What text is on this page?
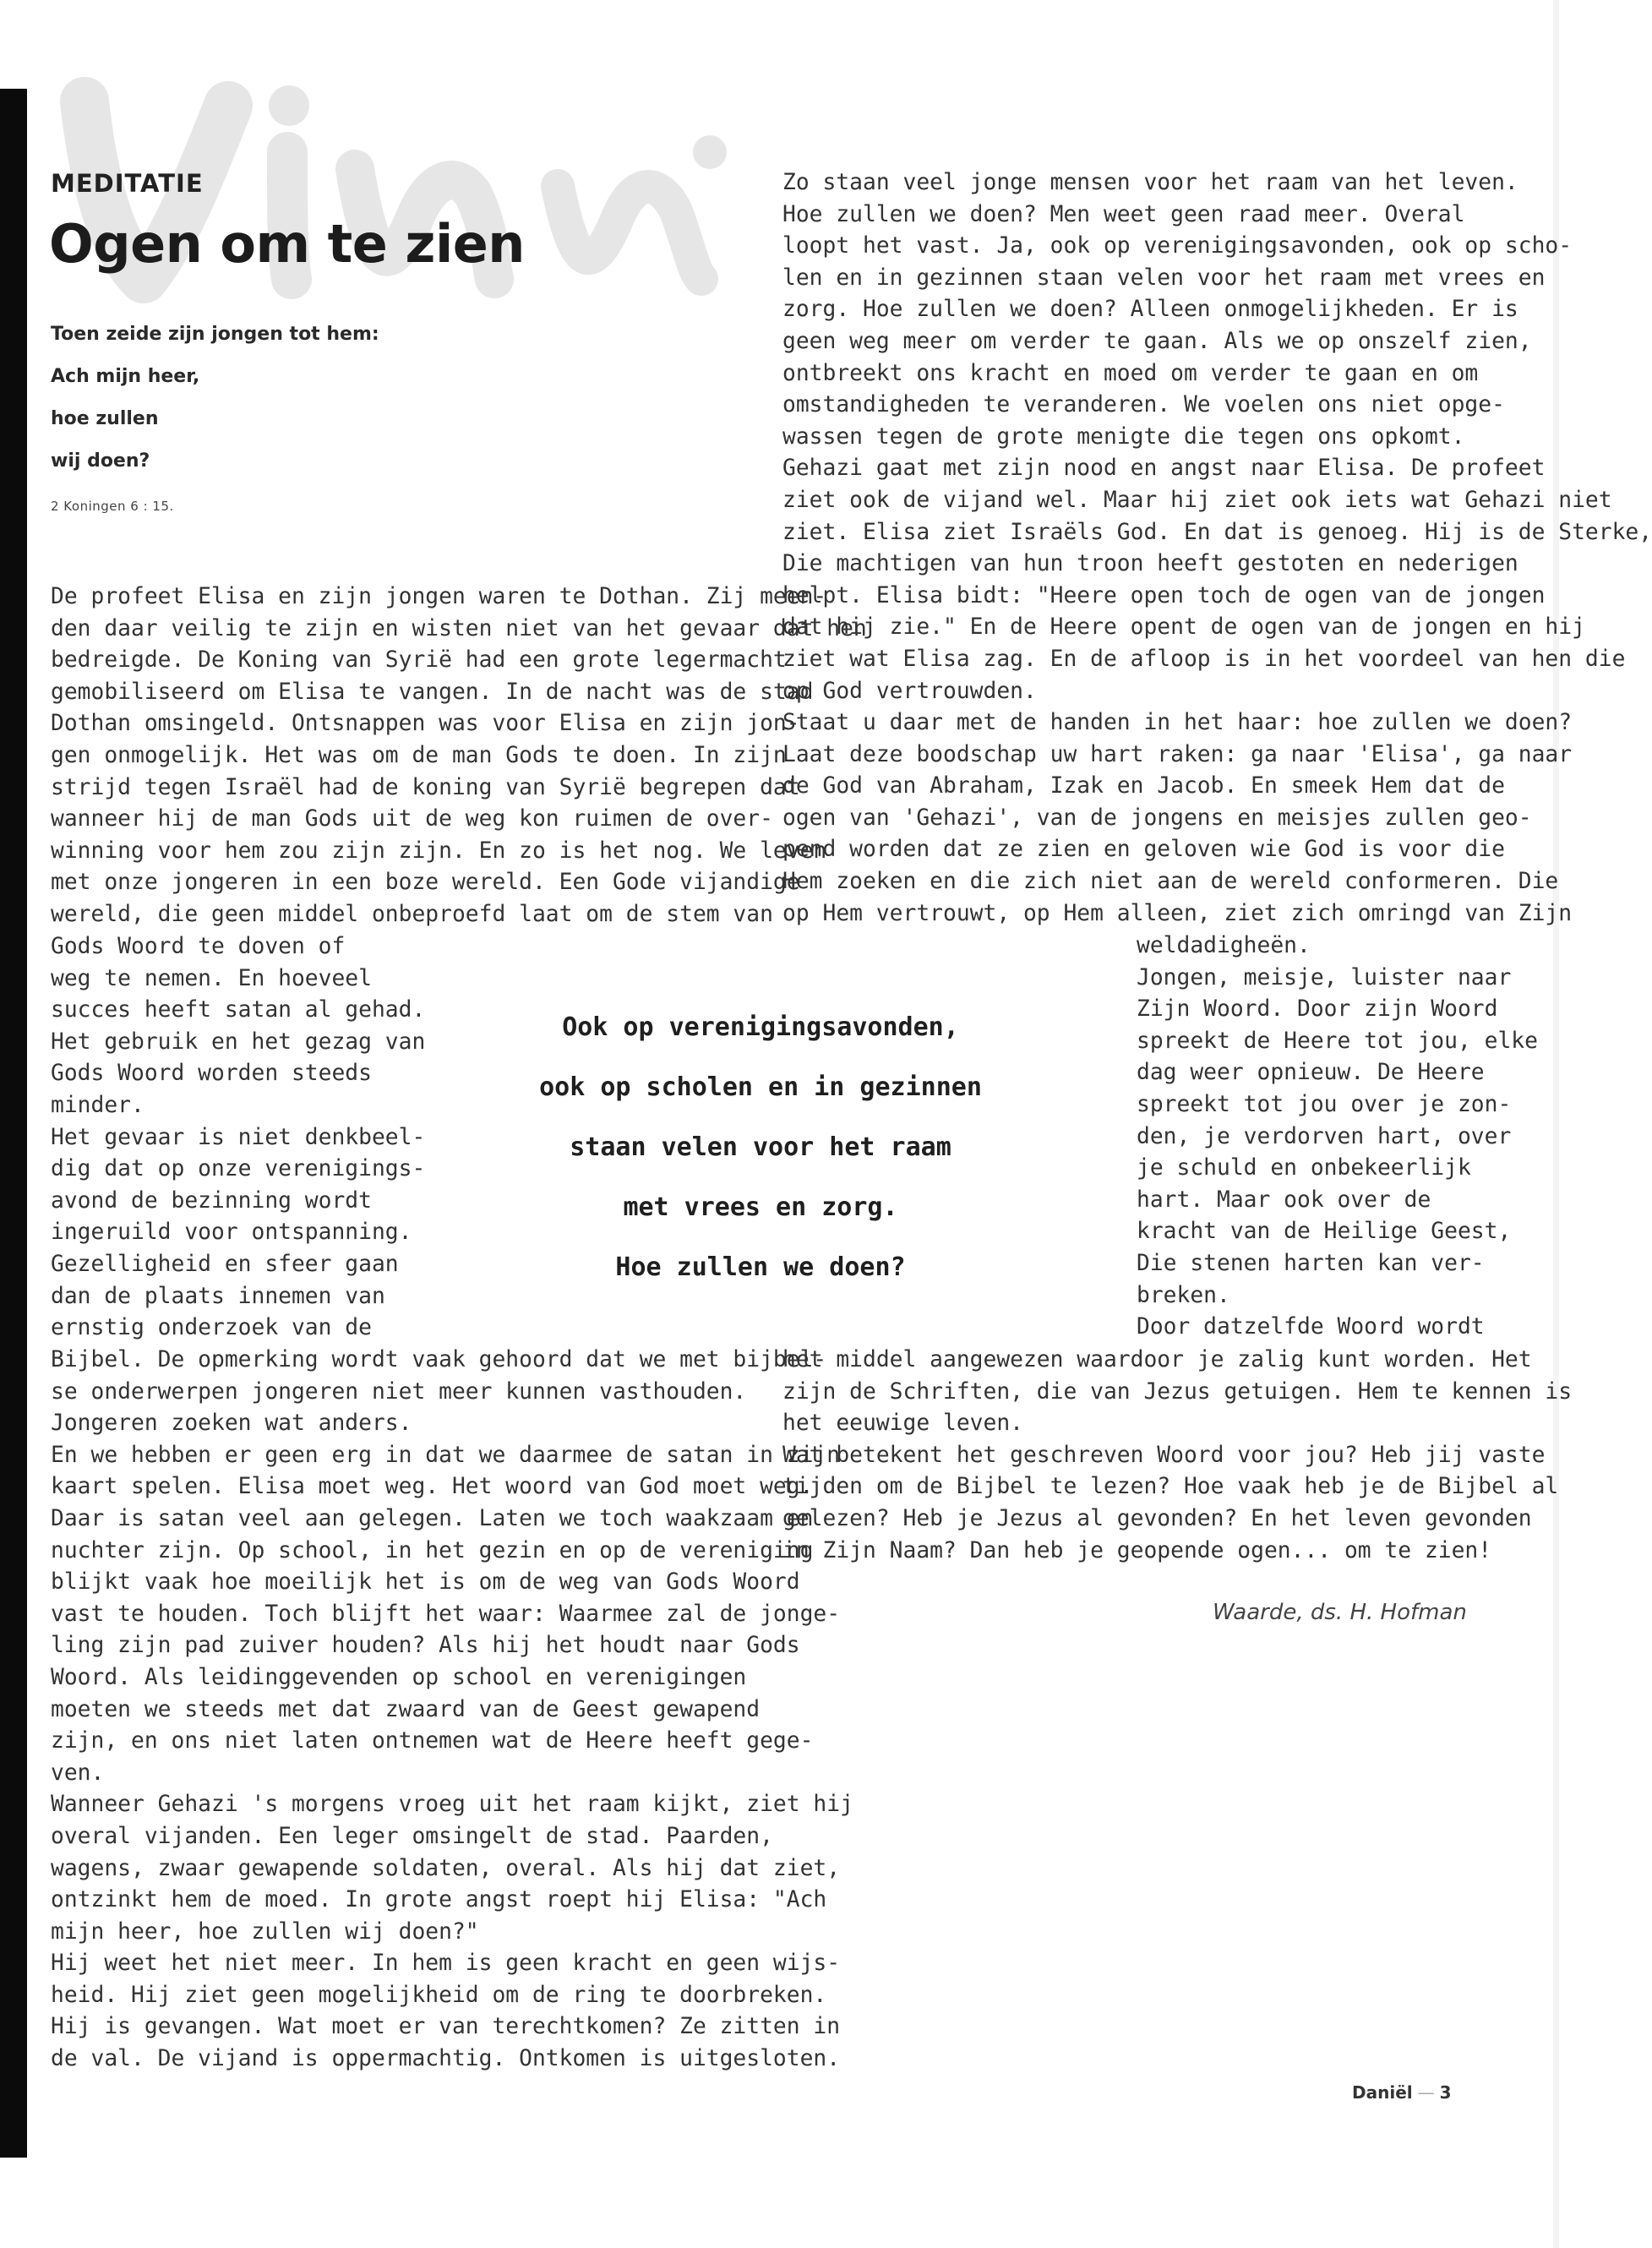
MEDITATIE
Ogen om te zien
Toen zeide zijn jongen tot hem:
Ach mijn heer,
hoe zullen
wij doen?
2 Koningen 6 : 15.
De profeet Elisa en zijn jongen waren te Dothan. Zij meen-
den daar veilig te zijn en wisten niet van het gevaar dat hen
bedreigde. De Koning van Syrië had een grote legermacht
gemobiliseerd om Elisa te vangen. In de nacht was de stad
Dothan omsingeld. Ontsnappen was voor Elisa en zijn jon-
gen onmogelijk. Het was om de man Gods te doen. In zijn
strijd tegen Israël had de koning van Syrië begrepen dat
wanneer hij de man Gods uit de weg kon ruimen de over-
winning voor hem zou zijn zijn. En zo is het nog. We leven
met onze jongeren in een boze wereld. Een Gode vijandige
wereld, die geen middel onbeproefd laat om de stem van
Gods Woord te doven of
weg te nemen. En hoeveel
succes heeft satan al gehad.
Het gebruik en het gezag van
Gods Woord worden steeds
minder.
Het gevaar is niet denkbeel-
dig dat op onze verenigings-
avond de bezinning wordt
ingeruild voor ontspanning.
Gezelligheid en sfeer gaan
dan de plaats innemen van
ernstig onderzoek van de
Bijbel. De opmerking wordt vaak gehoord dat we met bijbel-
se onderwerpen jongeren niet meer kunnen vasthouden.
Jongeren zoeken wat anders.
En we hebben er geen erg in dat we daarmee de satan in zijn
kaart spelen. Elisa moet weg. Het woord van God moet weg.
Daar is satan veel aan gelegen. Laten we toch waakzaam en
nuchter zijn. Op school, in het gezin en op de vereniging
blijkt vaak hoe moeilijk het is om de weg van Gods Woord
vast te houden. Toch blijft het waar: Waarmee zal de jonge-
ling zijn pad zuiver houden? Als hij het houdt naar Gods
Woord. Als leidinggevenden op school en verenigingen
moeten we steeds met dat zwaard van de Geest gewapend
zijn, en ons niet laten ontnemen wat de Heere heeft gege-
ven.
Wanneer Gehazi 's morgens vroeg uit het raam kijkt, ziet hij
overal vijanden. Een leger omsingelt de stad. Paarden,
wagens, zwaar gewapende soldaten, overal. Als hij dat ziet,
ontzinkt hem de moed. In grote angst roept hij Elisa: "Ach
mijn heer, hoe zullen wij doen?"
Hij weet het niet meer. In hem is geen kracht en geen wijs-
heid. Hij ziet geen mogelijkheid om de ring te doorbreken.
Hij is gevangen. Wat moet er van terechtkomen? Ze zitten in
de val. De vijand is oppermachtig. Ontkomen is uitgesloten.
Zo staan veel jonge mensen voor het raam van het leven.
Hoe zullen we doen? Men weet geen raad meer. Overal
loopt het vast. Ja, ook op verenigingsavonden, ook op scho-
len en in gezinnen staan velen voor het raam met vrees en
zorg. Hoe zullen we doen? Alleen onmogelijkheden. Er is
geen weg meer om verder te gaan. Als we op onszelf zien,
ontbreekt ons kracht en moed om verder te gaan en om
omstandigheden te veranderen. We voelen ons niet opge-
wassen tegen de grote menigte die tegen ons opkomt.
Gehazi gaat met zijn nood en angst naar Elisa. De profeet
ziet ook de vijand wel. Maar hij ziet ook iets wat Gehazi niet
ziet. Elisa ziet Israëls God. En dat is genoeg. Hij is de Sterke,
Die machtigen van hun troon heeft gestoten en nederigen
helpt. Elisa bidt: "Heere open toch de ogen van de jongen
dat hij zie." En de Heere opent de ogen van de jongen en hij
ziet wat Elisa zag. En de afloop is in het voordeel van hen die
op God vertrouwden.
Staat u daar met de handen in het haar: hoe zullen we doen?
Laat deze boodschap uw hart raken: ga naar 'Elisa', ga naar
de God van Abraham, Izak en Jacob. En smeek Hem dat de
ogen van 'Gehazi', van de jongens en meisjes zullen geo-
pend worden dat ze zien en geloven wie God is voor die
Hem zoeken en die zich niet aan de wereld conformeren. Die
op Hem vertrouwt, op Hem alleen, ziet zich omringd van Zijn
weldadigheën.
Jongen, meisje, luister naar
Zijn Woord. Door zijn Woord
spreekt de Heere tot jou, elke
dag weer opnieuw. De Heere
spreekt tot jou over je zon-
den, je verdorven hart, over
je schuld en onbekeerlijk
hart. Maar ook over de
kracht van de Heilige Geest,
Die stenen harten kan ver-
breken.
Door datzelfde Woord wordt
het middel aangewezen waardoor je zalig kunt worden. Het
zijn de Schriften, die van Jezus getuigen. Hem te kennen is
het eeuwige leven.
Wat betekent het geschreven Woord voor jou? Heb jij vaste
tijden om de Bijbel te lezen? Hoe vaak heb je de Bijbel al
gelezen? Heb je Jezus al gevonden? En het leven gevonden
in Zijn Naam? Dan heb je geopende ogen... om te zien!
Ook op verenigingsavonden,
ook op scholen en in gezinnen
staan velen voor het raam
met vrees en zorg.
Hoe zullen we doen?
Waarde, ds. H. Hofman
Daniël — 3
